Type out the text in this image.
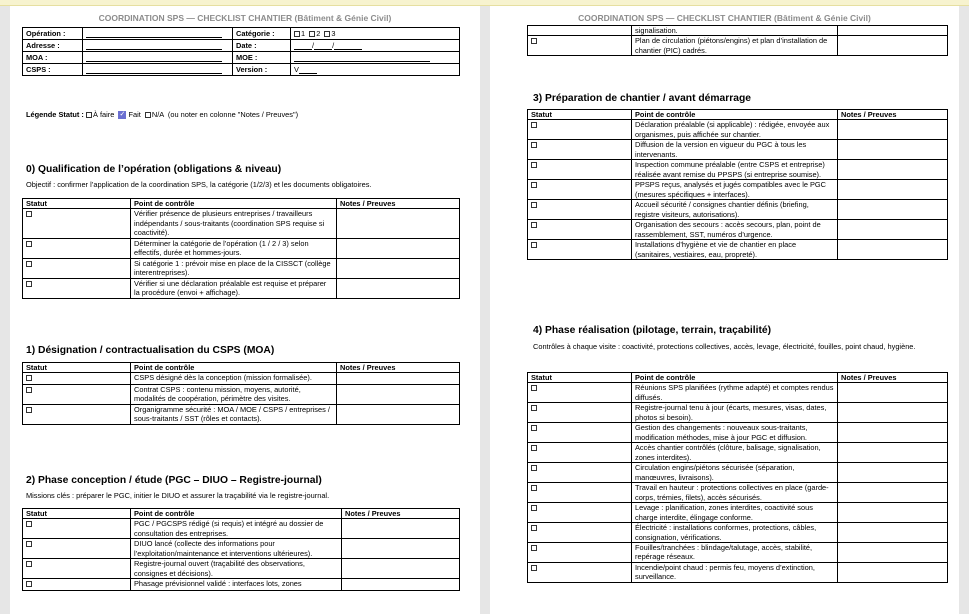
COORDINATION SPS — CHECKLIST CHANTIER (Bâtiment & Génie Civil)
Opération :		Catégorie :	1 2 3
Adresse :		Date :	/ /
MOA :		MOE :	
CSPS :		Version :	V
Légende Statut : À faire ✓ Fait N/A (ou noter en colonne "Notes / Preuves")
0) Qualification de l’opération (obligations & niveau)
Objectif : confirmer l’application de la coordination SPS, la catégorie (1/2/3) et les documents obligatoires.
Statut	Point de contrôle	Notes / Preuves
	Vérifier présence de plusieurs entreprises / travailleurs indépendants / sous-traitants (coordination SPS requise si coactivité).	
	Déterminer la catégorie de l’opération (1 / 2 / 3) selon effectifs, durée et hommes-jours.	
	Si catégorie 1 : prévoir mise en place de la CISSCT (collège interentreprises).	
	Vérifier si une déclaration préalable est requise et préparer la procédure (envoi + affichage).	
1) Désignation / contractualisation du CSPS (MOA)
Statut	Point de contrôle	Notes / Preuves
	CSPS désigné dès la conception (mission formalisée).	
	Contrat CSPS : contenu mission, moyens, autorité, modalités de coopération, périmètre des visites.	
	Organigramme sécurité : MOA / MOE / CSPS / entreprises / sous-traitants / SST (rôles et contacts).	
2) Phase conception / étude (PGC – DIUO – Registre-journal)
Missions clés : préparer le PGC, initier le DIUO et assurer la traçabilité via le registre-journal.
Statut	Point de contrôle	Notes / Preuves
	PGC / PGCSPS rédigé (si requis) et intégré au dossier de consultation des entreprises.	
	DIUO lancé (collecte des informations pour l’exploitation/maintenance et interventions ultérieures).	
	Registre-journal ouvert (traçabilité des observations, consignes et décisions).	
	Phasage prévisionnel validé : interfaces lots, zones	
COORDINATION SPS — CHECKLIST CHANTIER (Bâtiment & Génie Civil)
	signalisation.	
	Plan de circulation (piétons/engins) et plan d’installation de chantier (PIC) cadrés.	
3) Préparation de chantier / avant démarrage
Statut	Point de contrôle	Notes / Preuves
	Déclaration préalable (si applicable) : rédigée, envoyée aux organismes, puis affichée sur chantier.	
	Diffusion de la version en vigueur du PGC à tous les intervenants.	
	Inspection commune préalable (entre CSPS et entreprise) réalisée avant remise du PPSPS (si entreprise soumise).	
	PPSPS reçus, analysés et jugés compatibles avec le PGC (mesures spécifiques + interfaces).	
	Accueil sécurité / consignes chantier définis (briefing, registre visiteurs, autorisations).	
	Organisation des secours : accès secours, plan, point de rassemblement, SST, numéros d’urgence.	
	Installations d’hygiène et vie de chantier en place (sanitaires, vestiaires, eau, propreté).	
4) Phase réalisation (pilotage, terrain, traçabilité)
Contrôles à chaque visite : coactivité, protections collectives, accès, levage, électricité, fouilles, point chaud, hygiène.
Statut	Point de contrôle	Notes / Preuves
	Réunions SPS planifiées (rythme adapté) et comptes rendus diffusés.	
	Registre-journal tenu à jour (écarts, mesures, visas, dates, photos si besoin).	
	Gestion des changements : nouveaux sous-traitants, modification méthodes, mise à jour PGC et diffusion.	
	Accès chantier contrôlés (clôture, balisage, signalisation, zones interdites).	
	Circulation engins/piétons sécurisée (séparation, manœuvres, livraisons).	
	Travail en hauteur : protections collectives en place (garde-corps, trémies, filets), accès sécurisés.	
	Levage : planification, zones interdites, coactivité sous charge interdite, élingage conforme.	
	Électricité : installations conformes, protections, câbles, consignation, vérifications.	
	Fouilles/tranchées : blindage/talutage, accès, stabilité, repérage réseaux.	
	Incendie/point chaud : permis feu, moyens d’extinction, surveillance.	
